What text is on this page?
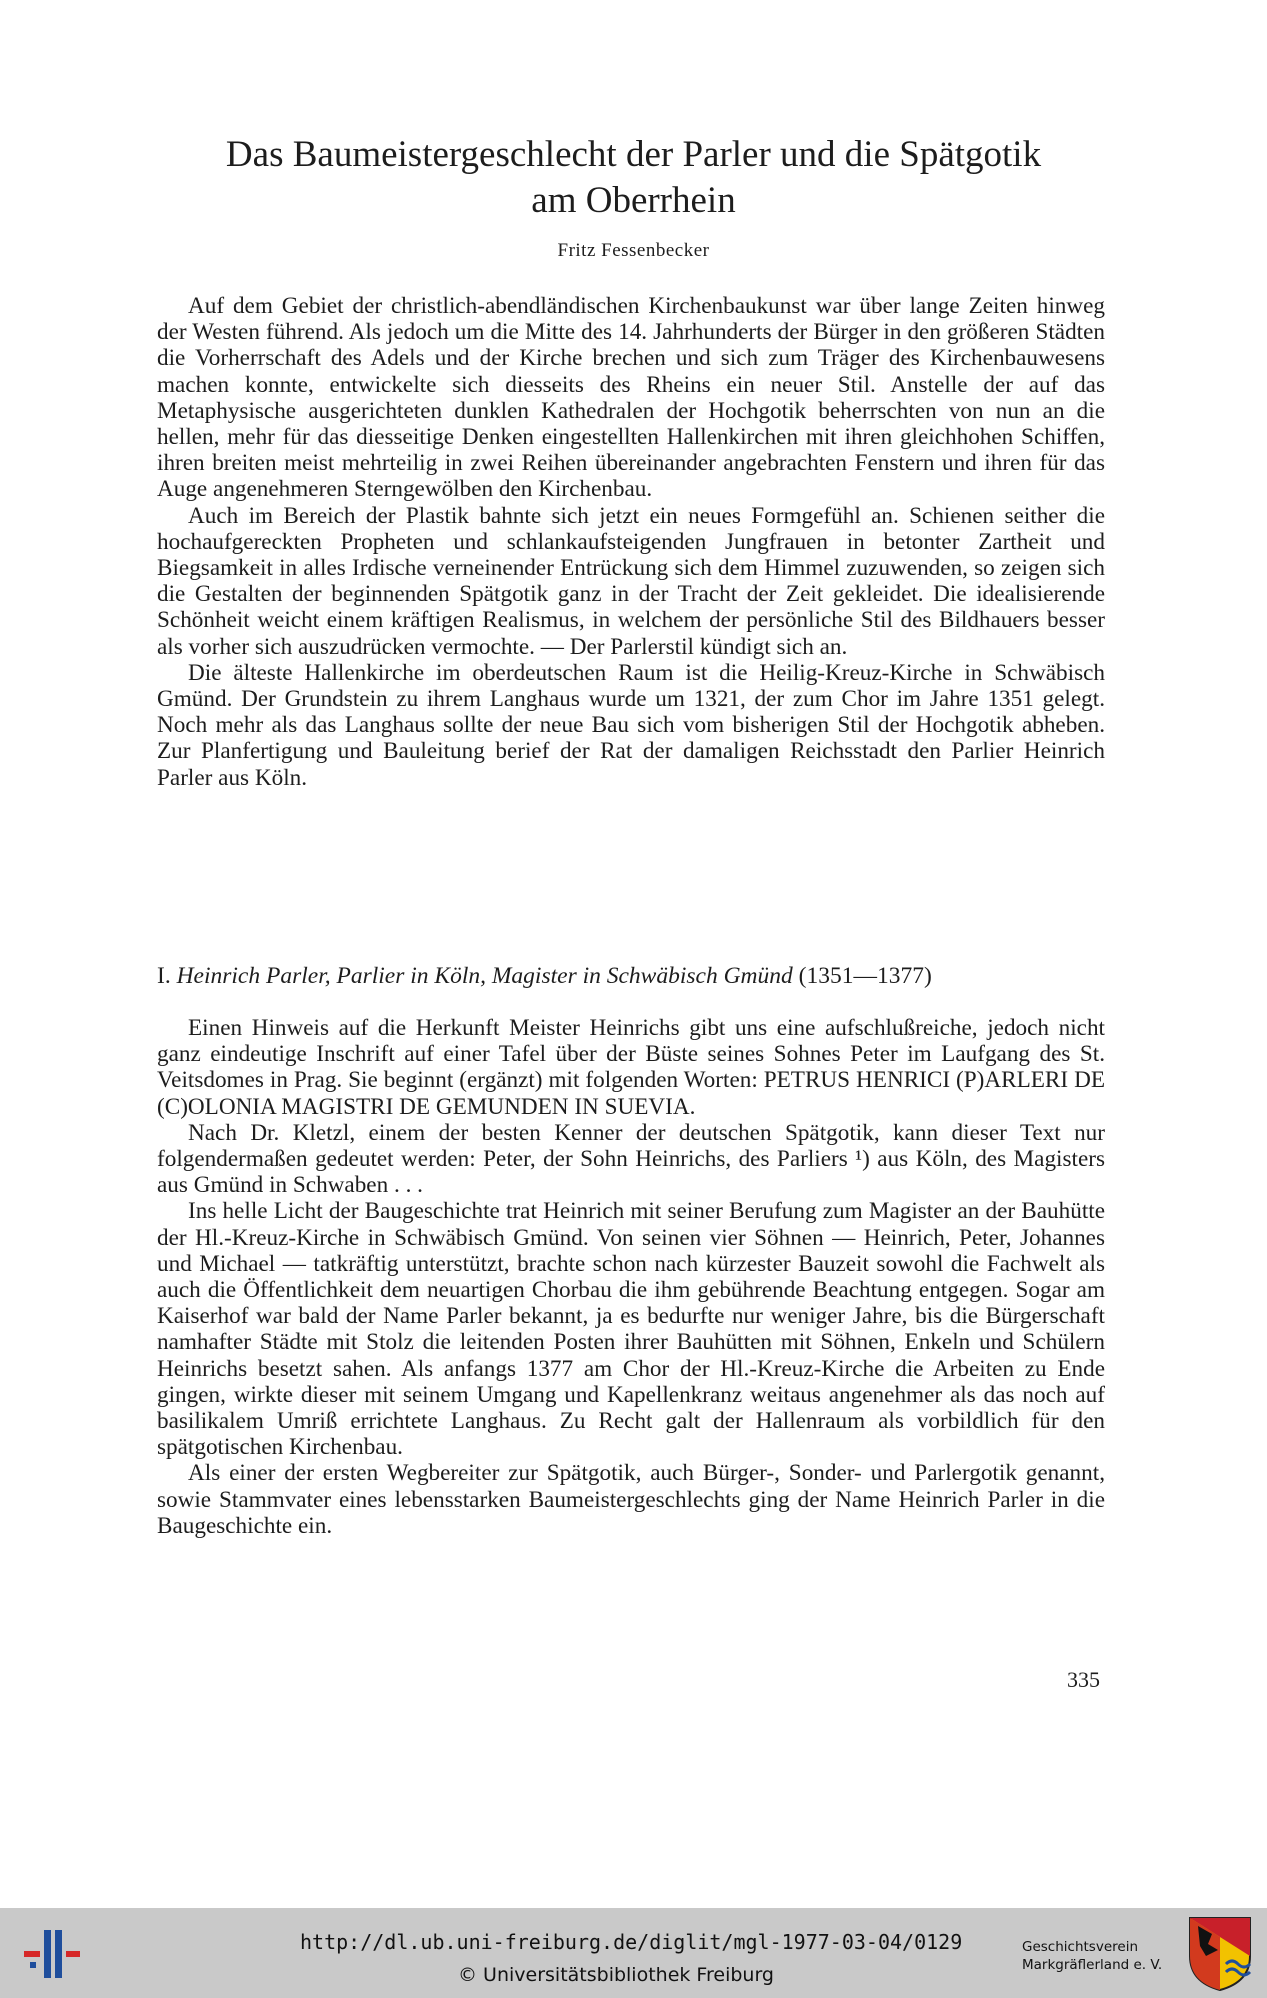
Das Baumeistergeschlecht der Parler und die Spätgotik
am Oberrhein
Fritz Fessenbecker

Auf dem Gebiet der christlich-abendländischen Kirchenbaukunst war über lange Zeiten hinweg der Westen führend. Als jedoch um die Mitte des 14. Jahrhunderts der Bürger in den größeren Städten die Vorherrschaft des Adels und der Kirche brechen und sich zum Träger des Kirchenbauwesens machen konnte, entwickelte sich diesseits des Rheins ein neuer Stil. Anstelle der auf das Metaphysische ausgerichteten dunklen Kathedralen der Hochgotik beherrschten von nun an die hellen, mehr für das diesseitige Denken eingestellten Hallenkirchen mit ihren gleichhohen Schiffen, ihren breiten meist mehrteilig in zwei Reihen übereinander angebrachten Fenstern und ihren für das Auge angenehmeren Sterngewölben den Kirchenbau.

Auch im Bereich der Plastik bahnte sich jetzt ein neues Formgefühl an. Schienen seither die hochaufgereckten Propheten und schlankaufsteigenden Jungfrauen in betonter Zartheit und Biegsamkeit in alles Irdische verneinender Entrückung sich dem Himmel zuzuwenden, so zeigen sich die Gestalten der beginnenden Spätgotik ganz in der Tracht der Zeit gekleidet. Die idealisierende Schönheit weicht einem kräftigen Realismus, in welchem der persönliche Stil des Bildhauers besser als vorher sich auszudrücken vermochte. — Der Parlerstil kündigt sich an.

Die älteste Hallenkirche im oberdeutschen Raum ist die Heilig-Kreuz-Kirche in Schwäbisch Gmünd. Der Grundstein zu ihrem Langhaus wurde um 1321, der zum Chor im Jahre 1351 gelegt. Noch mehr als das Langhaus sollte der neue Bau sich vom bisherigen Stil der Hochgotik abheben. Zur Planfertigung und Bauleitung berief der Rat der damaligen Reichsstadt den Parlier Heinrich Parler aus Köln.

I. Heinrich Parler, Parlier in Köln, Magister in Schwäbisch Gmünd (1351—1377)

Einen Hinweis auf die Herkunft Meister Heinrichs gibt uns eine aufschlußreiche, jedoch nicht ganz eindeutige Inschrift auf einer Tafel über der Büste seines Sohnes Peter im Laufgang des St. Veitsdomes in Prag. Sie beginnt (ergänzt) mit folgenden Worten: PETRUS HENRICI (P)ARLERI DE (C)OLONIA MAGISTRI DE GEMUNDEN IN SUEVIA.

Nach Dr. Kletzl, einem der besten Kenner der deutschen Spätgotik, kann dieser Text nur folgendermaßen gedeutet werden: Peter, der Sohn Heinrichs, des Parliers ¹) aus Köln, des Magisters aus Gmünd in Schwaben . . .

Ins helle Licht der Baugeschichte trat Heinrich mit seiner Berufung zum Magister an der Bauhütte der Hl.-Kreuz-Kirche in Schwäbisch Gmünd. Von seinen vier Söhnen — Heinrich, Peter, Johannes und Michael — tatkräftig unterstützt, brachte schon nach kürzester Bauzeit sowohl die Fachwelt als auch die Öffentlichkeit dem neuartigen Chorbau die ihm gebührende Beachtung entgegen. Sogar am Kaiserhof war bald der Name Parler bekannt, ja es bedurfte nur weniger Jahre, bis die Bürgerschaft namhafter Städte mit Stolz die leitenden Posten ihrer Bauhütten mit Söhnen, Enkeln und Schülern Heinrichs besetzt sahen. Als anfangs 1377 am Chor der Hl.-Kreuz-Kirche die Arbeiten zu Ende gingen, wirkte dieser mit seinem Umgang und Kapellenkranz weitaus angenehmer als das noch auf basilikalem Umriß errichtete Langhaus. Zu Recht galt der Hallenraum als vorbildlich für den spätgotischen Kirchenbau.

Als einer der ersten Wegbereiter zur Spätgotik, auch Bürger-, Sonder- und Parlergotik genannt, sowie Stammvater eines lebensstarken Baumeistergeschlechts ging der Name Heinrich Parler in die Baugeschichte ein.

335
http://dl.ub.uni-freiburg.de/diglit/mgl-1977-03-04/0129
© Universitätsbibliothek Freiburg
Geschichtsverein
Markgräflerland e. V.
